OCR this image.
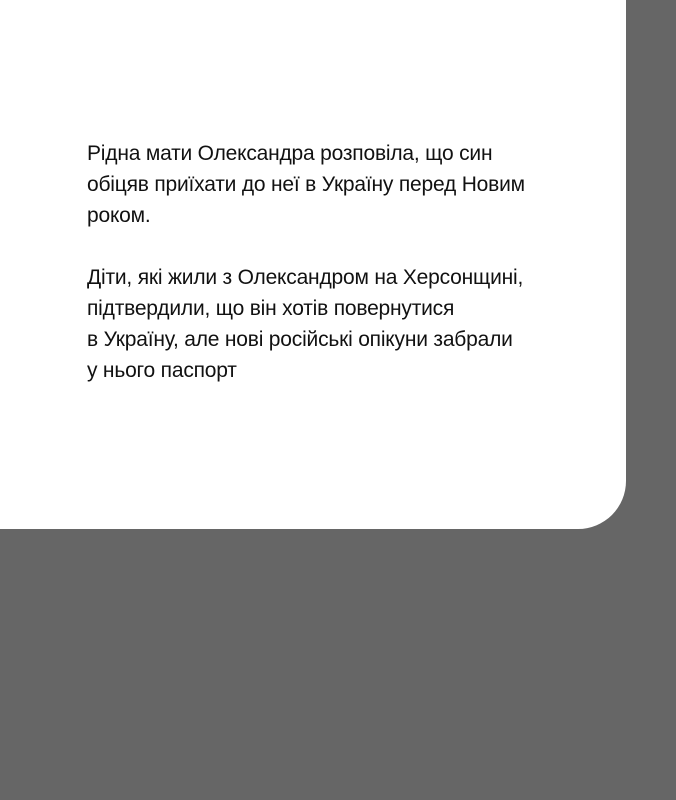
Рідна мати Олександра розповіла, що син
обіцяв приїхати до неї в Україну перед Новим
роком.

Діти, які жили з Олександром на Херсонщині,
підтвердили, що він хотів повернутися
в Україну, але нові російські опікуни забрали
у нього паспорт
